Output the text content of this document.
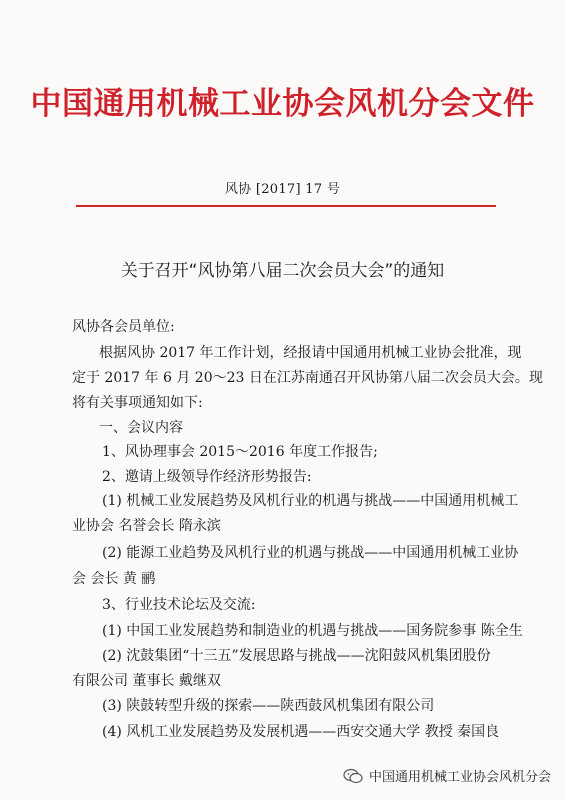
中国通用机械工业协会风机分会文件
风协 [2017] 17 号
关于召开“风协第八届二次会员大会”的通知
风协各会员单位:
根据风协 2017 年工作计划，经报请中国通用机械工业协会批准，现
定于 2017 年 6 月 20～23 日在江苏南通召开风协第八届二次会员大会。现
将有关事项通知如下:
一、会议内容
1、风协理事会 2015～2016 年度工作报告;
2、邀请上级领导作经济形势报告:
(1) 机械工业发展趋势及风机行业的机遇与挑战——中国通用机械工
业协会 名誉会长 隋永滨
(2) 能源工业趋势及风机行业的机遇与挑战——中国通用机械工业协
会 会长 黄 鹂
3、行业技术论坛及交流:
(1) 中国工业发展趋势和制造业的机遇与挑战——国务院参事 陈全生
(2) 沈鼓集团“十三五”发展思路与挑战——沈阳鼓风机集团股份
有限公司 董事长 戴继双
(3) 陕鼓转型升级的探索——陕西鼓风机集团有限公司
(4) 风机工业发展趋势及发展机遇——西安交通大学 教授 秦国良
中国通用机械工业协会风机分会
